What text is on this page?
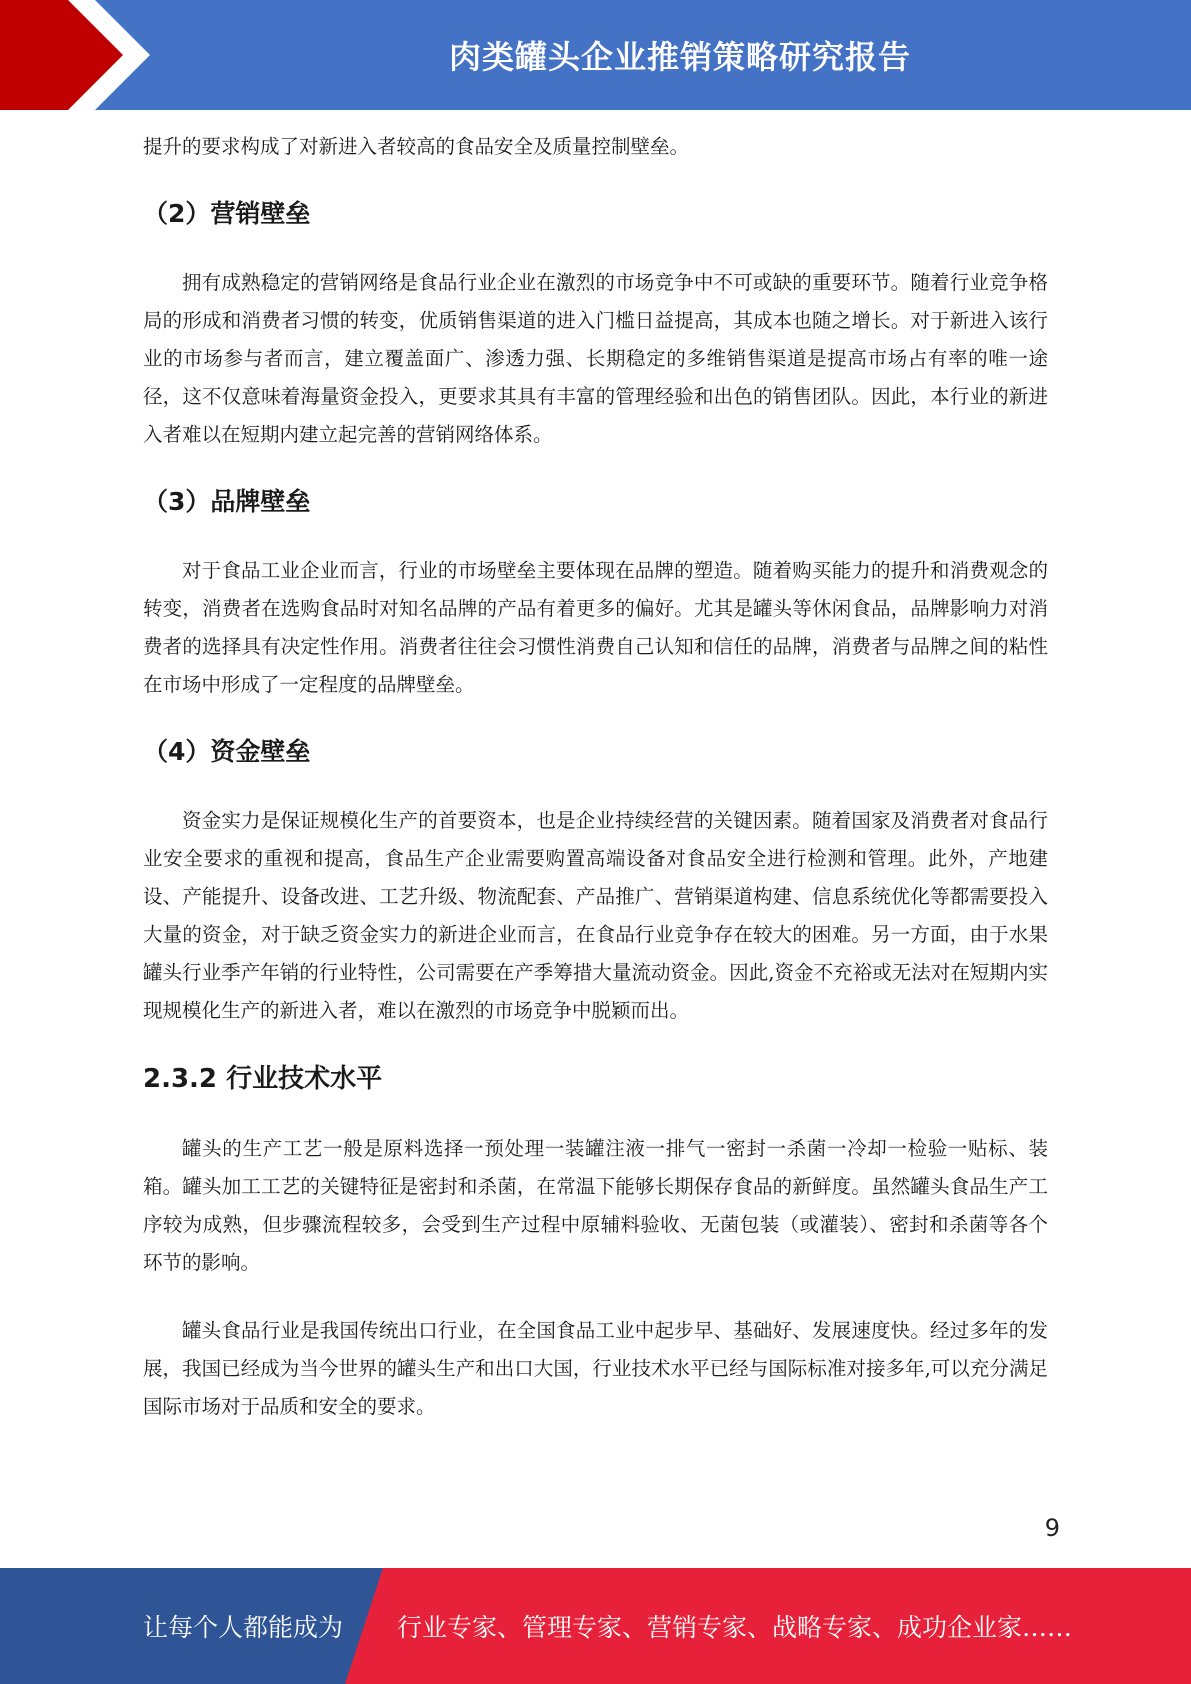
肉类罐头企业推销策略研究报告

提升的要求构成了对新进入者较高的食品安全及质量控制壁垒。

（2）营销壁垒

拥有成熟稳定的营销网络是食品行业企业在激烈的市场竞争中不可或缺的重要环节。随着行业竞争格局的形成和消费者习惯的转变，优质销售渠道的进入门槛日益提高，其成本也随之增长。对于新进入该行业的市场参与者而言，建立覆盖面广、渗透力强、长期稳定的多维销售渠道是提高市场占有率的唯一途径，这不仅意味着海量资金投入，更要求其具有丰富的管理经验和出色的销售团队。因此，本行业的新进入者难以在短期内建立起完善的营销网络体系。

（3）品牌壁垒

对于食品工业企业而言，行业的市场壁垒主要体现在品牌的塑造。随着购买能力的提升和消费观念的转变，消费者在选购食品时对知名品牌的产品有着更多的偏好。尤其是罐头等休闲食品，品牌影响力对消费者的选择具有决定性作用。消费者往往会习惯性消费自己认知和信任的品牌，消费者与品牌之间的粘性在市场中形成了一定程度的品牌壁垒。

（4）资金壁垒

资金实力是保证规模化生产的首要资本，也是企业持续经营的关键因素。随着国家及消费者对食品行业安全要求的重视和提高，食品生产企业需要购置高端设备对食品安全进行检测和管理。此外，产地建设、产能提升、设备改进、工艺升级、物流配套、产品推广、营销渠道构建、信息系统优化等都需要投入大量的资金，对于缺乏资金实力的新进企业而言，在食品行业竞争存在较大的困难。另一方面，由于水果罐头行业季产年销的行业特性，公司需要在产季筹措大量流动资金。因此,资金不充裕或无法对在短期内实现规模化生产的新进入者，难以在激烈的市场竞争中脱颖而出。

2.3.2 行业技术水平

罐头的生产工艺一般是原料选择一预处理一装罐注液一排气一密封一杀菌一冷却一检验一贴标、装箱。罐头加工工艺的关键特征是密封和杀菌，在常温下能够长期保存食品的新鲜度。虽然罐头食品生产工序较为成熟，但步骤流程较多，会受到生产过程中原辅料验收、无菌包装（或灌装）、密封和杀菌等各个环节的影响。

罐头食品行业是我国传统出口行业，在全国食品工业中起步早、基础好、发展速度快。经过多年的发展，我国已经成为当今世界的罐头生产和出口大国，行业技术水平已经与国际标准对接多年,可以充分满足国际市场对于品质和安全的要求。

9
让每个人都能成为 行业专家、管理专家、营销专家、战略专家、成功企业家……
